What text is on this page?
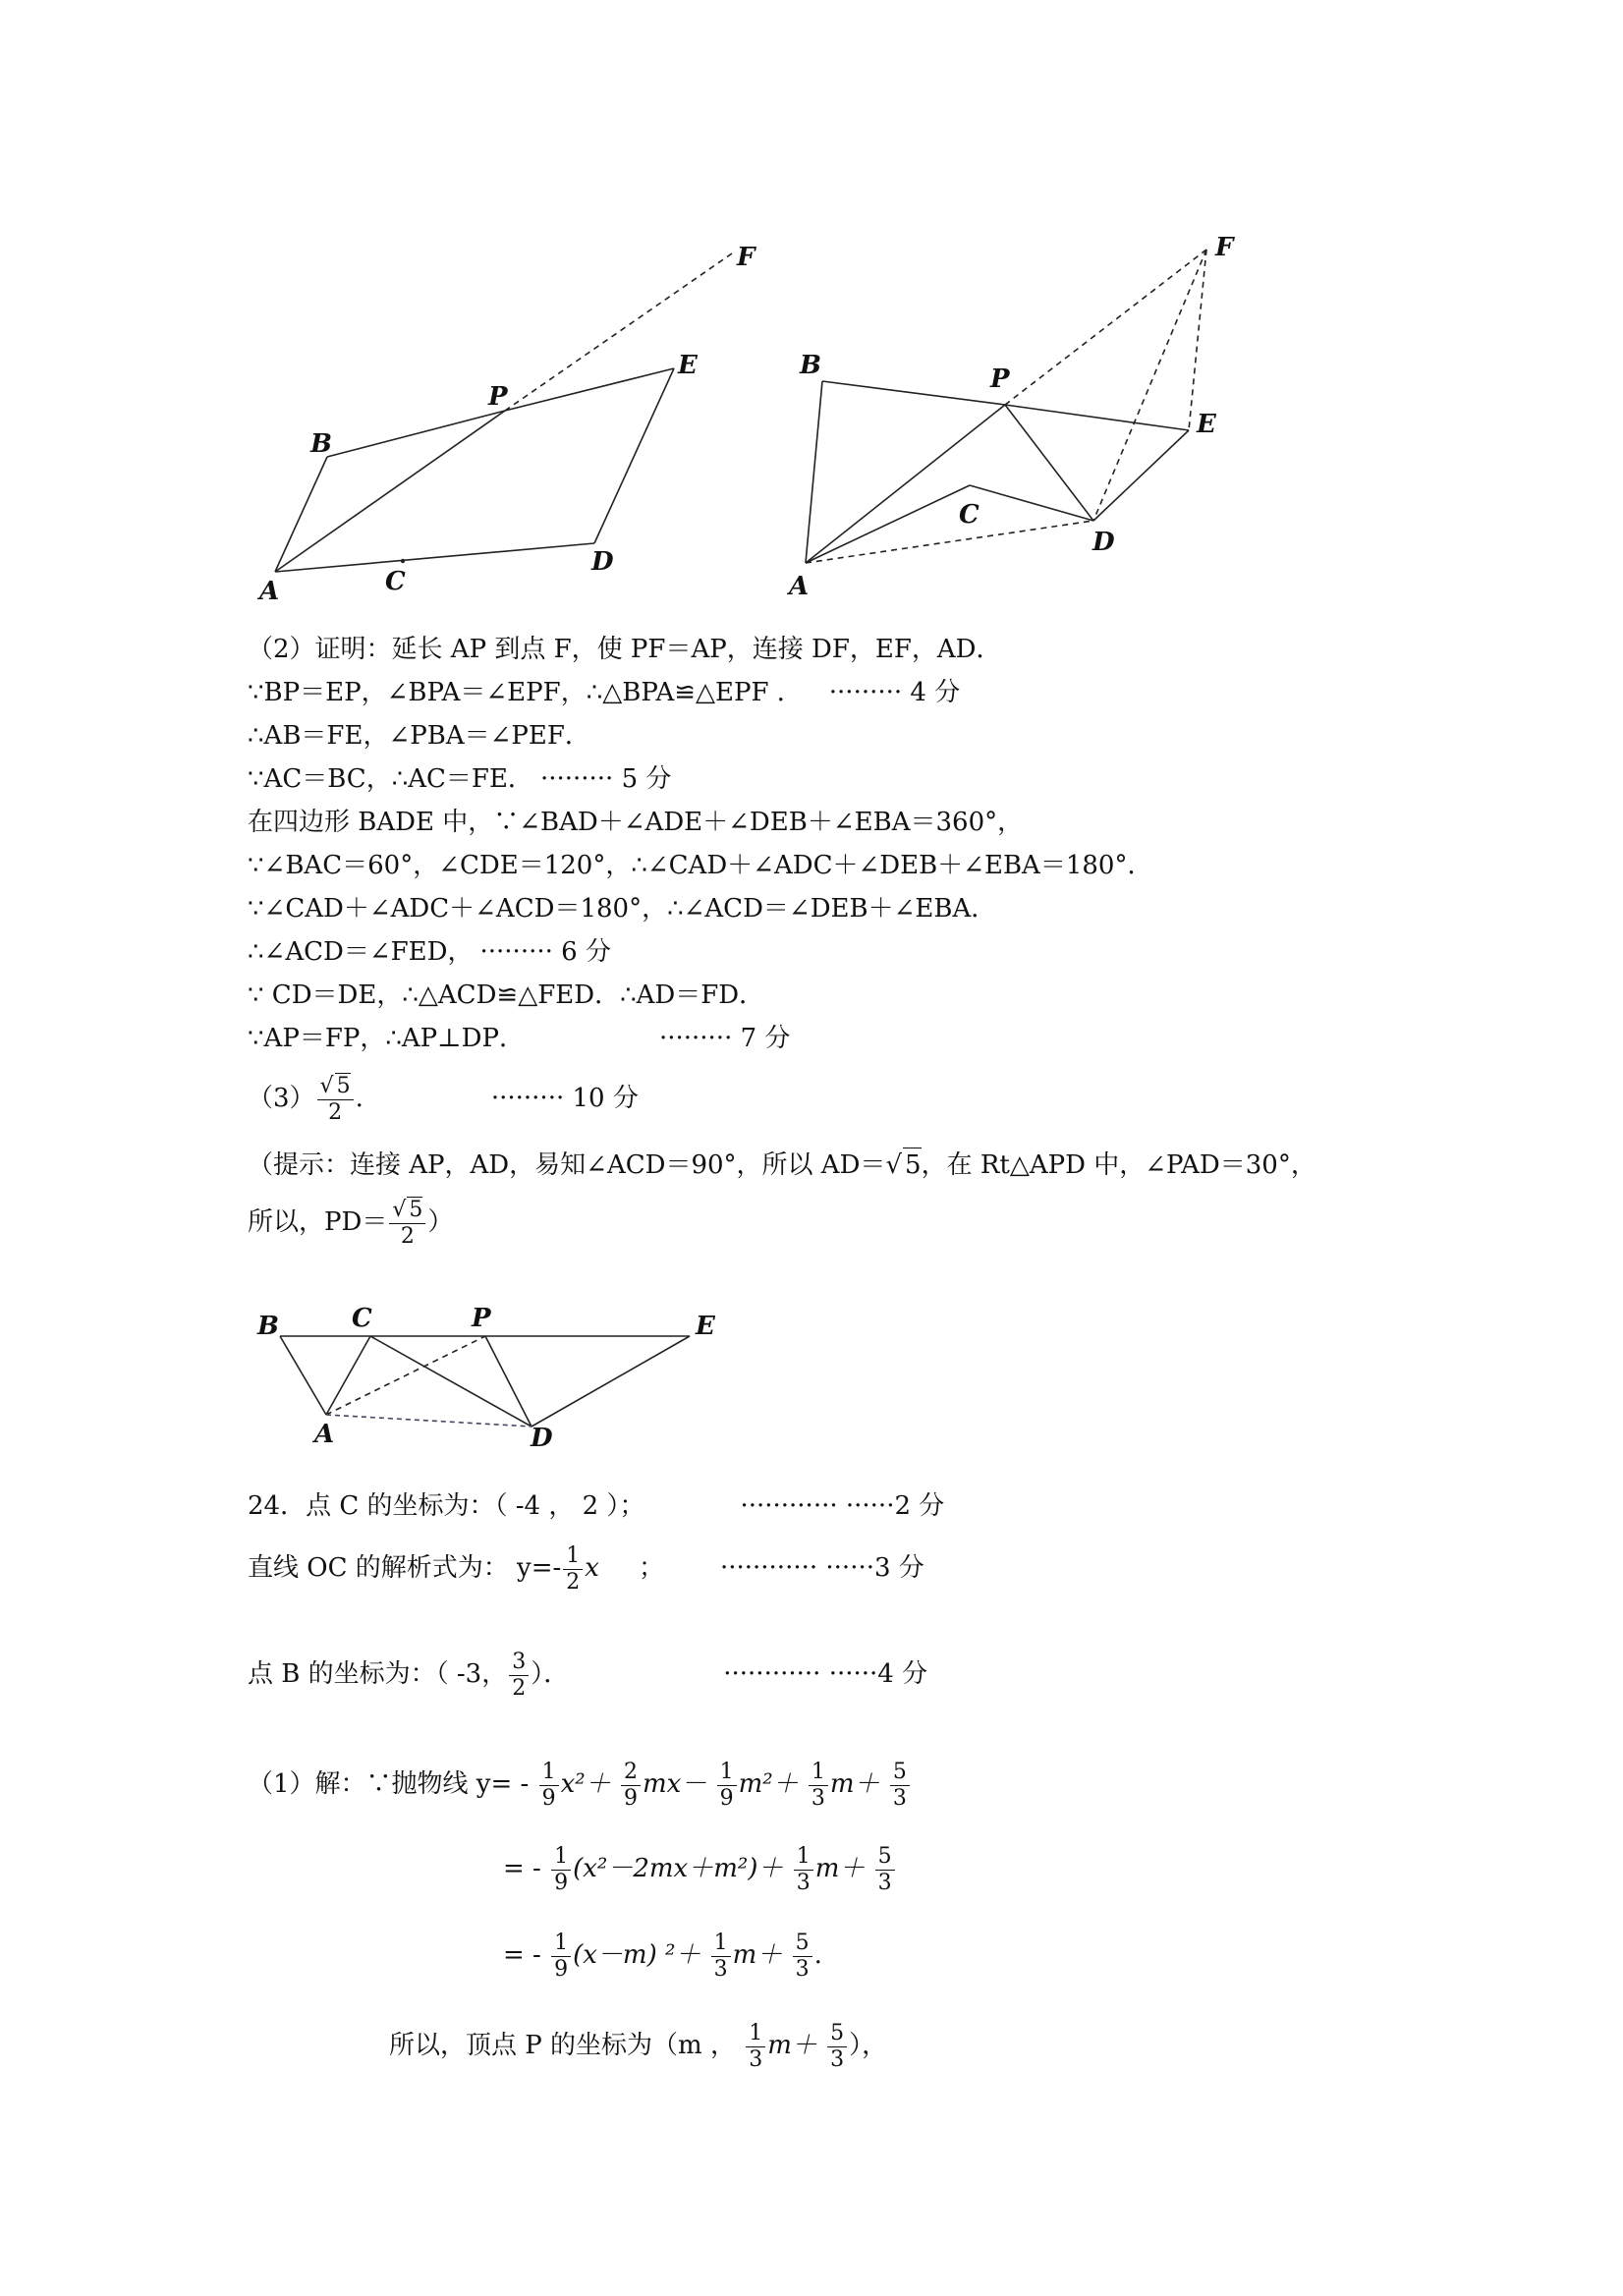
F
E
P
B
A	C
D
F
B	P
E
C
D
A
（2）证明：延长 AP 到点 F，使 PF＝AP，连接 DF，EF，AD．
∵BP＝EP，∠BPA＝∠EPF，∴△BPA≌△EPF ． ········· 4 分
∴AB＝FE，∠PBA＝∠PEF．
∵AC＝BC，∴AC＝FE． ········· 5 分
在四边形 BADE 中，∵∠BAD＋∠ADE＋∠DEB＋∠EBA＝360°，
∵∠BAC＝60°，∠CDE＝120°，∴∠CAD＋∠ADC＋∠DEB＋∠EBA＝180°．
∵∠CAD＋∠ADC＋∠ACD＝180°，∴∠ACD＝∠DEB＋∠EBA．
∴∠ACD＝∠FED， ········· 6 分
∵ CD＝DE，∴△ACD≌△FED．∴AD＝FD．
∵AP＝FP，∴AP⊥DP．	········· 7 分
$(3) \frac{√ 5}{2}$ .	········· 10 分
（提示：连接 AP，AD，易知∠ACD＝90°，所以 AD＝√ 5，在 Rt△APD 中，∠PAD＝30°，
所以，$PD= \frac{√ 5}{2}$ ）
B	C	P	E
A	D
24．点 C 的坐标为：（ -4 ， 2 ）；	············ ······2 分
直线 OC 的解析式为： $y=- \frac{1}{2}$ x ；	············ ······3 分
点 B 的坐标为：（ -3， $\frac{3}{2}$ ）．	············ ······4 分
（1）解：∵抛物线 $y= - \frac{1}{9} x^2+ \frac{2}{9} mx- \frac{1}{9} m^2+ \frac{1}{3} m+ \frac{5}{3}$
= - $\frac{1}{9} (x^2-2mx+m^2)+ \frac{1}{3} m+ \frac{5}{3}$
= - $\frac{1}{9} (x-m)$ $^2+ \frac{1}{3} m+ \frac{5}{3}$ .
所以，顶点 P 的坐标为（m ， $\frac{1}{3} m+ \frac{5}{3}$ ），
